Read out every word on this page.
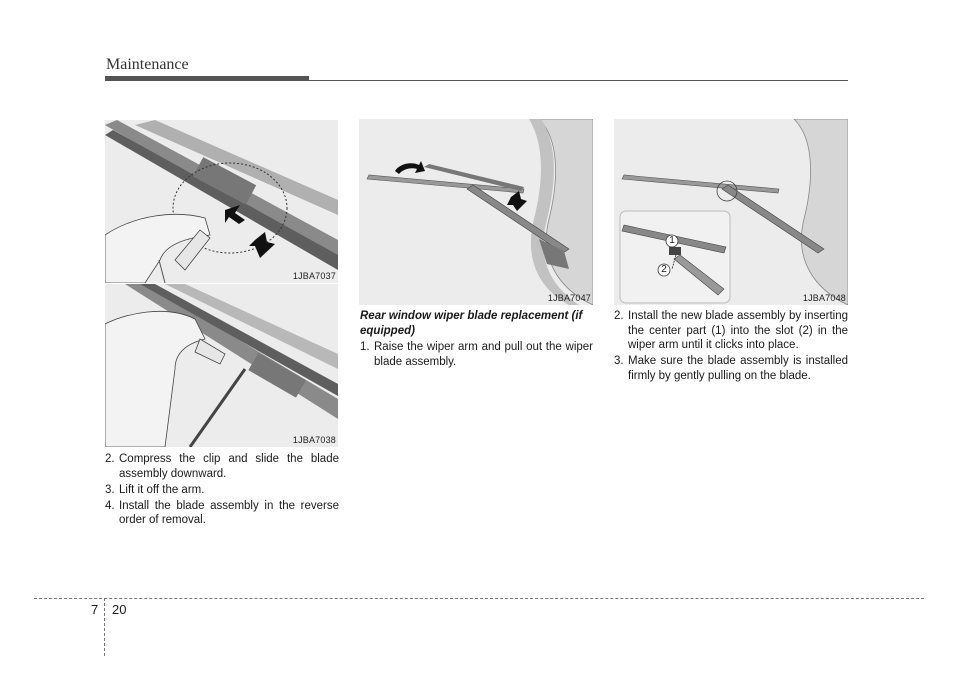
Maintenance
1JBA7037
1JBA7038
1JBA7047
1
2
1JBA7048
2. Compress the clip and slide the blade assembly downward.
3. Lift it off the arm.
4. Install the blade assembly in the reverse order of removal.
Rear window wiper blade replacement (if equipped)
1. Raise the wiper arm and pull out the wiper blade assembly.
2. Install the new blade assembly by inserting the center part (1) into the slot (2) in the wiper arm until it clicks into place.
3. Make sure the blade assembly is installed firmly by gently pulling on the blade.
7 20
